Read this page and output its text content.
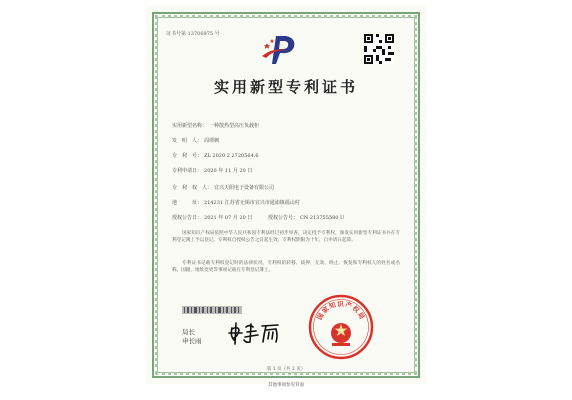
证书号第 13706975 号
实用新型专利证书
实用新型名称： 一种散热型高压负载柜
发　明　人： 周谭枫
专　利　号： ZL 2020 2 2720564.6
专利申请日： 2020 年 11 月 20 日
专　利　权　人： 宜兴天阳电子设备有限公司
地　　　址： 214231 江苏省无锡市宜兴市通浦镇福山村
授权公告日： 2021 年 07 月 20 日	授权公告号： CN 213755580 U
国家知识产权局依照中华人民共和国专利法经过初步审查，决定授予专利权，颁发实用新型专利证书并在专利登记簿上予以登记。专利权自授权公告之日起生效。专利权期限为十年，自申请日起算。
专利证书记载专利权登记时的法律状况。专利权的转移、质押、无效、终止、恢复和专利权人的姓名或名称、国籍、地址变更等事项记载在专利登记簿上。
局长
申长雨
国家知识产权局
第 1 页（共 2 页）
其他事项参见背面
